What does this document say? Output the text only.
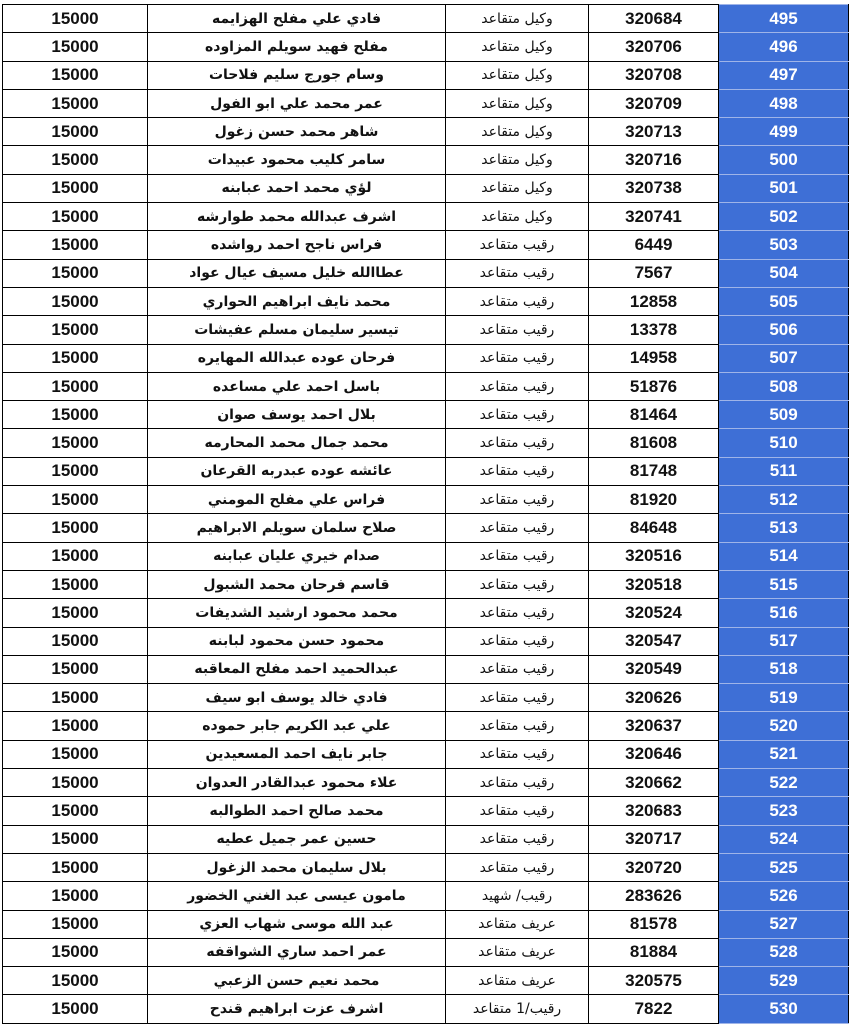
15000	فادي علي مفلح الهزايمه	وكيل متقاعد	320684	495
15000	مفلح فهيد سويلم المزاوده	وكيل متقاعد	320706	496
15000	وسام جورج سليم فلاحات	وكيل متقاعد	320708	497
15000	عمر محمد علي ابو الفول	وكيل متقاعد	320709	498
15000	شاهر محمد حسن زغول	وكيل متقاعد	320713	499
15000	سامر كليب محمود عبيدات	وكيل متقاعد	320716	500
15000	لؤي محمد احمد عبابنه	وكيل متقاعد	320738	501
15000	اشرف عبدالله محمد طوارشه	وكيل متقاعد	320741	502
15000	فراس ناجح احمد رواشده	رقيب متقاعد	6449	503
15000	عطاالله خليل مسيف عيال عواد	رقيب متقاعد	7567	504
15000	محمد نايف ابراهيم الحواري	رقيب متقاعد	12858	505
15000	تيسير سليمان مسلم عفيشات	رقيب متقاعد	13378	506
15000	فرحان عوده عبدالله المهايره	رقيب متقاعد	14958	507
15000	باسل احمد علي مساعده	رقيب متقاعد	51876	508
15000	بلال احمد يوسف صوان	رقيب متقاعد	81464	509
15000	محمد جمال محمد المحارمه	رقيب متقاعد	81608	510
15000	عائشه عوده عبدربه القرعان	رقيب متقاعد	81748	511
15000	فراس علي مفلح المومني	رقيب متقاعد	81920	512
15000	صلاح سلمان سويلم الابراهيم	رقيب متقاعد	84648	513
15000	صدام خيري عليان عبابنه	رقيب متقاعد	320516	514
15000	قاسم فرحان محمد الشبول	رقيب متقاعد	320518	515
15000	محمد محمود ارشيد الشديفات	رقيب متقاعد	320524	516
15000	محمود حسن محمود لبابنه	رقيب متقاعد	320547	517
15000	عبدالحميد احمد مفلح المعاقبه	رقيب متقاعد	320549	518
15000	فادي خالد يوسف ابو سيف	رقيب متقاعد	320626	519
15000	علي عبد الكريم جابر حموده	رقيب متقاعد	320637	520
15000	جابر نايف احمد المسعيدين	رقيب متقاعد	320646	521
15000	علاء محمود عبدالقادر العدوان	رقيب متقاعد	320662	522
15000	محمد صالح احمد الطوالبه	رقيب متقاعد	320683	523
15000	حسين عمر جميل عطيه	رقيب متقاعد	320717	524
15000	بلال سليمان محمد الزغول	رقيب متقاعد	320720	525
15000	مامون عيسى عبد الغني الخضور	رقيب/ شهيد	283626	526
15000	عبد الله موسى شهاب العزي	عريف متقاعد	81578	527
15000	عمر احمد ساري الشواقفه	عريف متقاعد	81884	528
15000	محمد نعيم حسن الزعبي	عريف متقاعد	320575	529
15000	اشرف عزت ابراهيم قندح	رقيب/1 متقاعد	7822	530
